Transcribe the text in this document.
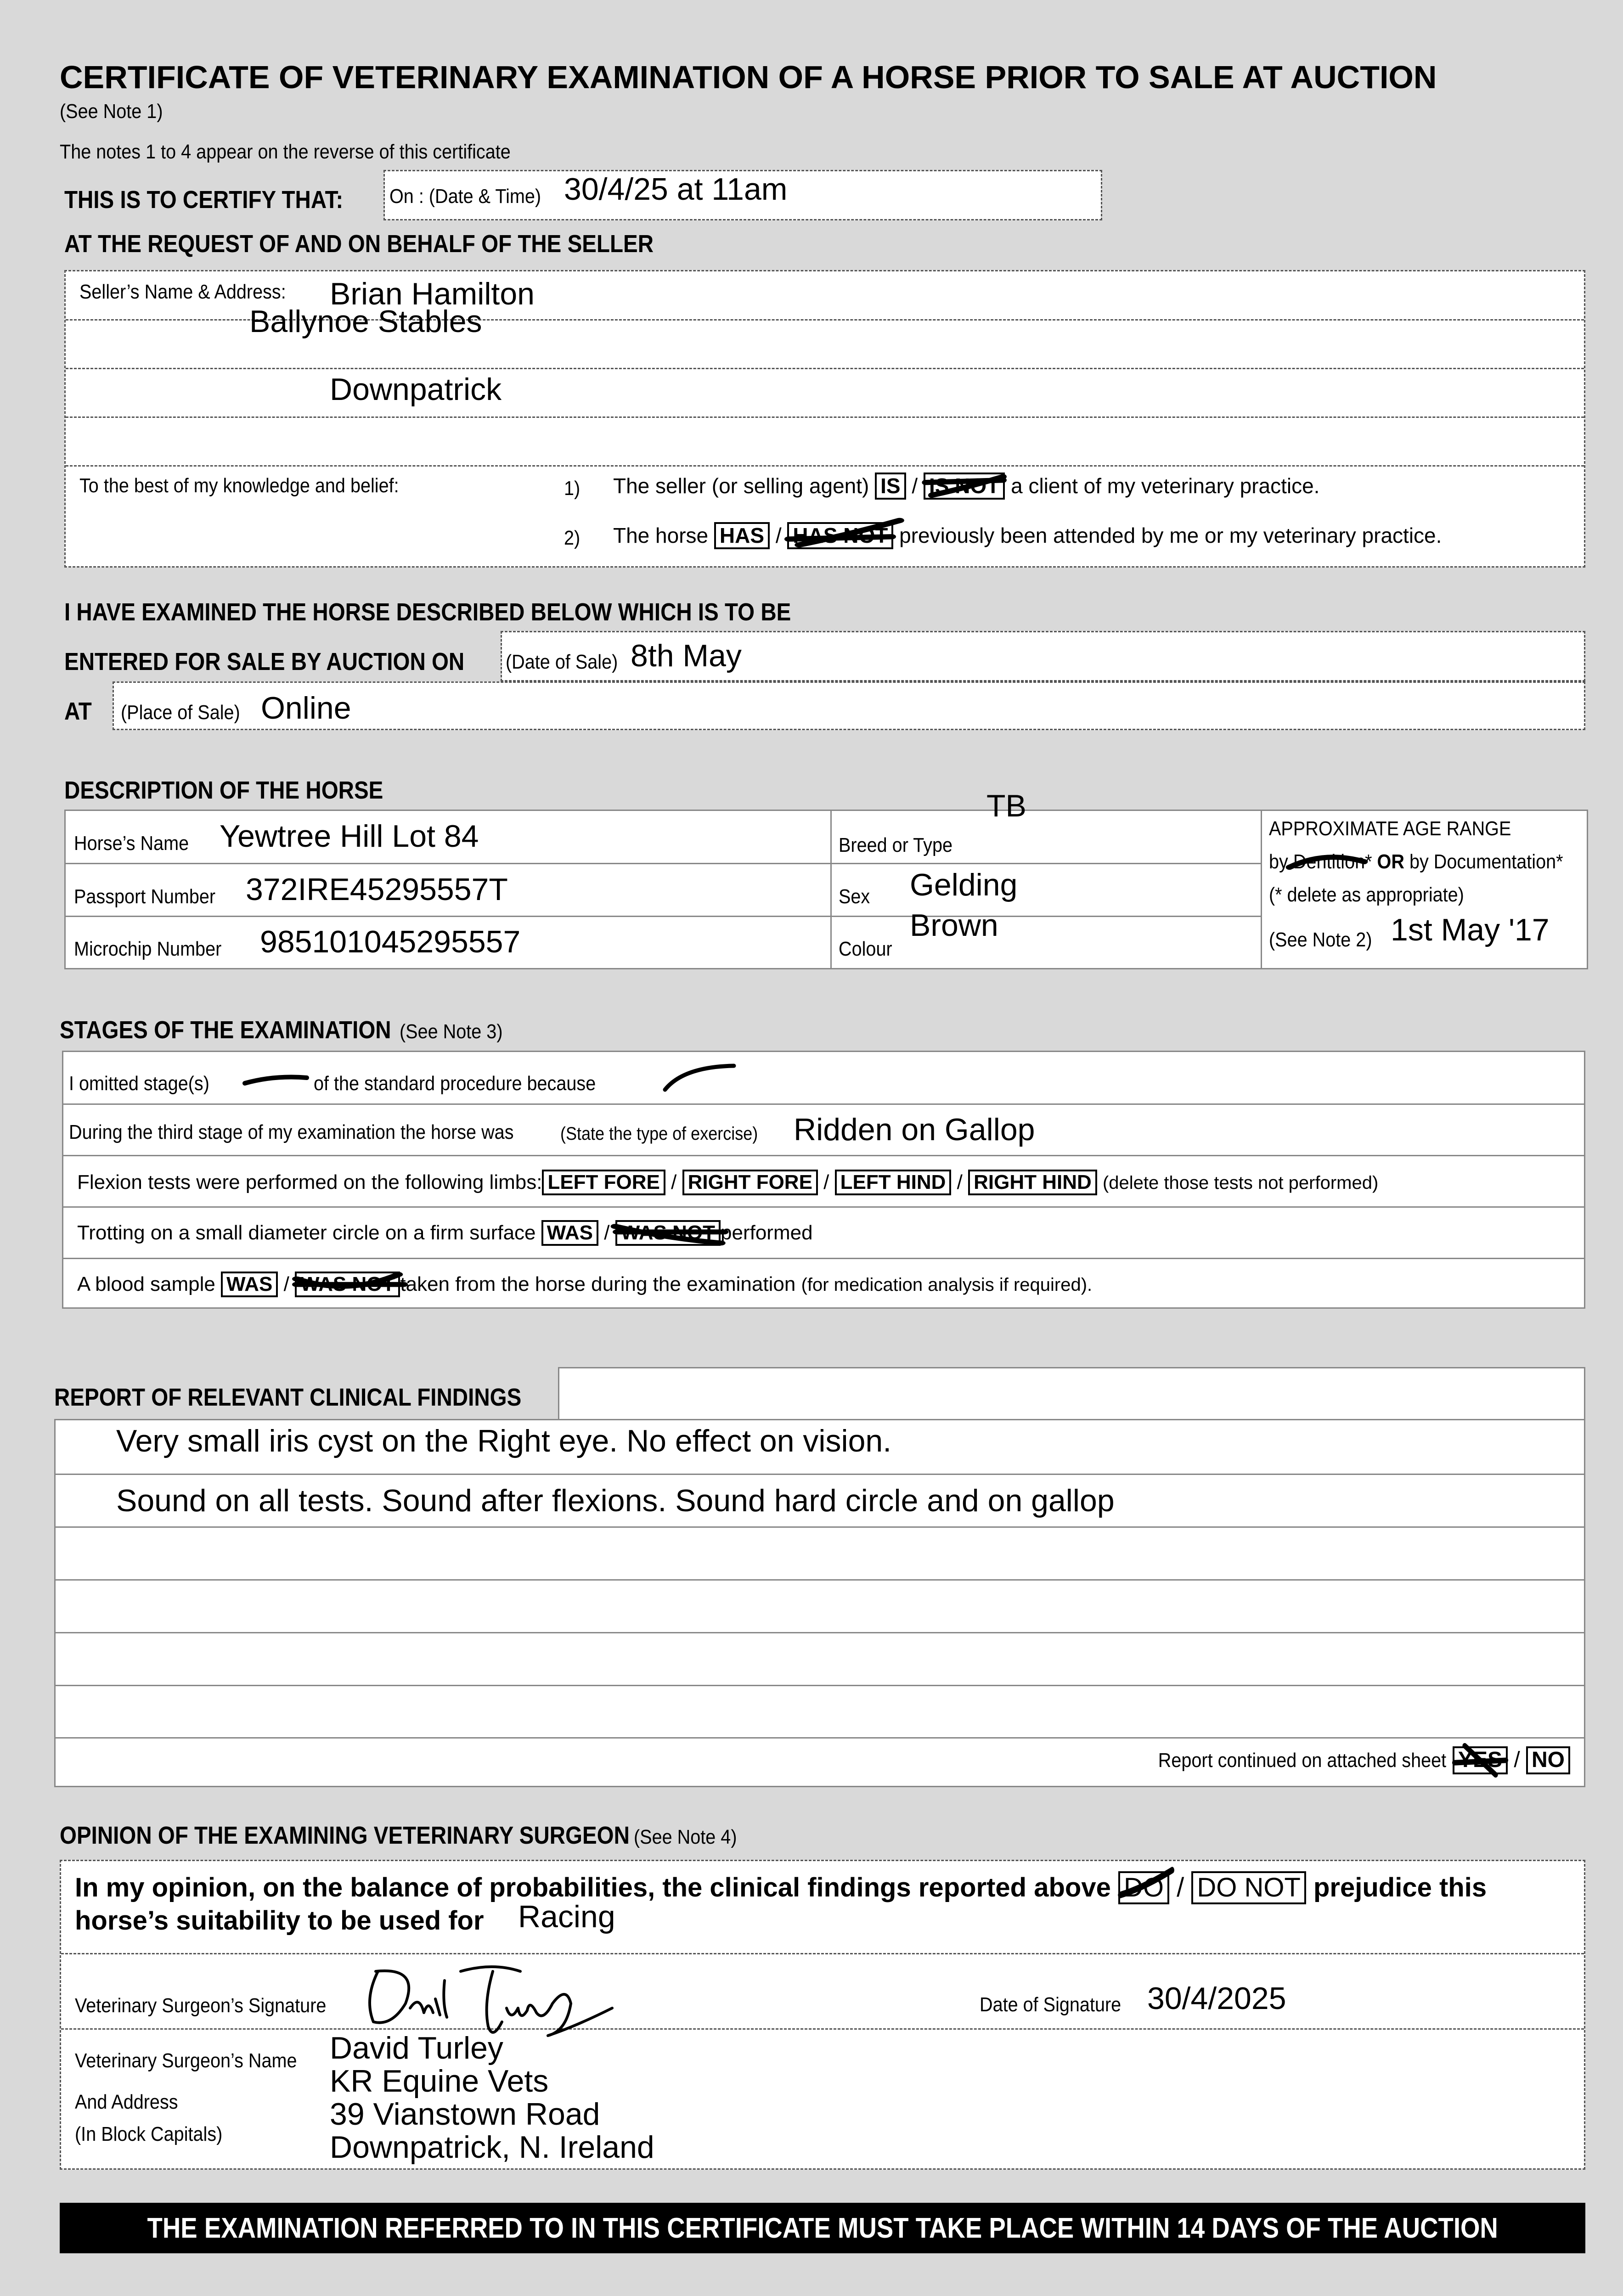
CERTIFICATE OF VETERINARY EXAMINATION OF A HORSE PRIOR TO SALE AT AUCTION
(See Note 1)
The notes 1 to 4 appear on the reverse of this certificate
THIS IS TO CERTIFY THAT: On : (Date & Time) 30/4/25 at 11am
AT THE REQUEST OF AND ON BEHALF OF THE SELLER
Seller’s Name & Address: Brian Hamilton
Ballynoe Stables
Downpatrick
To the best of my knowledge and belief:	1) The seller (or selling agent) IS / IS NOT a client of my veterinary practice.
2) The horse HAS / HAS NOT previously been attended by me or my veterinary practice.
I HAVE EXAMINED THE HORSE DESCRIBED BELOW WHICH IS TO BE
ENTERED FOR SALE BY AUCTION ON (Date of Sale) 8th May
AT (Place of Sale) Online
DESCRIPTION OF THE HORSE
Horse’s Name Yewtree Hill Lot 84
Passport Number 372IRE45295557T
Microchip Number 985101045295557
Breed or Type
TB
Sex Gelding
Colour
Brown
APPROXIMATE AGE RANGE
by Dentition* OR by Documentation*
(* delete as appropriate)
(See Note 2) 1st May '17
STAGES OF THE EXAMINATION (See Note 3)
I omitted stage(s)	of the standard procedure because
During the third stage of my examination the horse was	(State the type of exercise) Ridden on Gallop
Flexion tests were performed on the following limbs: LEFT FORE / RIGHT FORE / LEFT HIND / RIGHT HIND (delete those tests not performed)
Trotting on a small diameter circle on a firm surface WAS / WAS NOT performed
A blood sample WAS / WAS NOT taken from the horse during the examination (for medication analysis if required).
REPORT OF RELEVANT CLINICAL FINDINGS
Very small iris cyst on the Right eye. No effect on vision.
Sound on all tests. Sound after flexions. Sound hard circle and on gallop
Report continued on attached sheet YES / NO
OPINION OF THE EXAMINING VETERINARY SURGEON (See Note 4)
In my opinion, on the balance of probabilities, the clinical findings reported above DO / DO NOT prejudice this
horse’s suitability to be used for Racing
Veterinary Surgeon’s Signature	Date of Signature 30/4/2025
Veterinary Surgeon’s Name David Turley
KR Equine Vets
And Address	39 Vianstown Road
(In Block Capitals)	Downpatrick, N. Ireland
THE EXAMINATION REFERRED TO IN THIS CERTIFICATE MUST TAKE PLACE WITHIN 14 DAYS OF THE AUCTION
